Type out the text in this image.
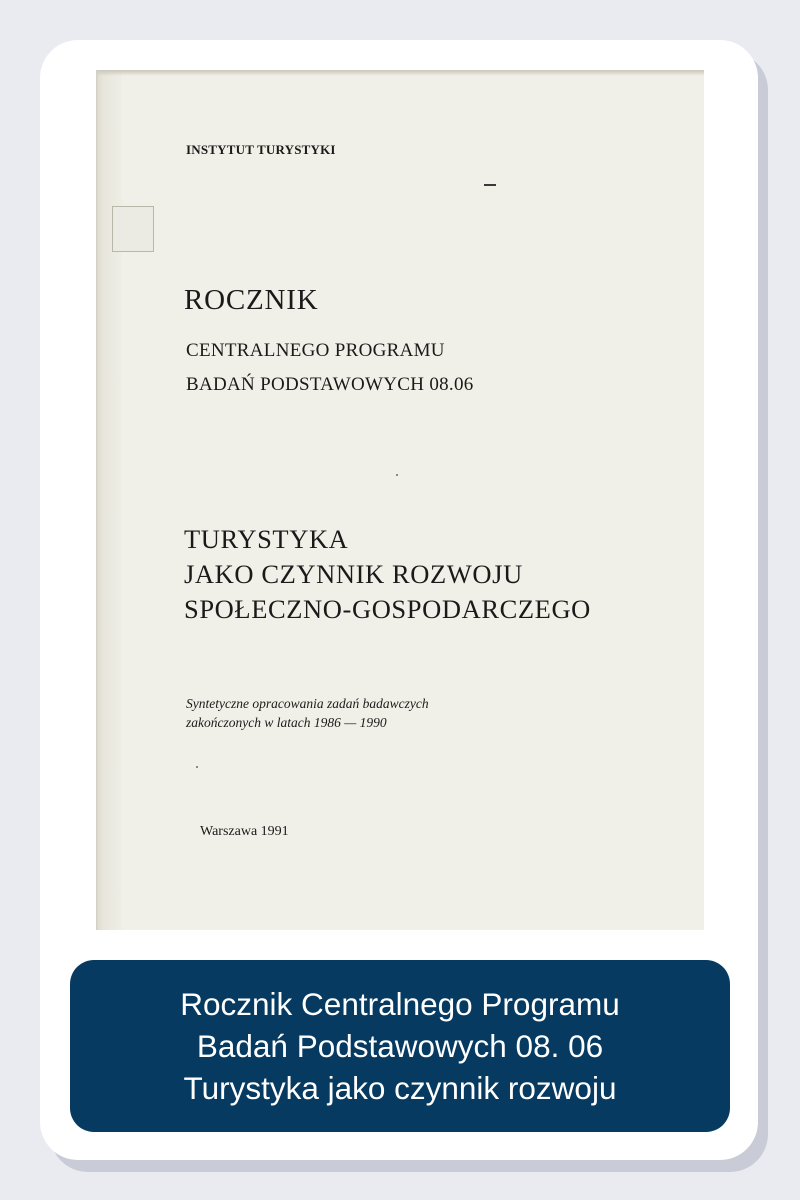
INSTYTUT TURYSTYKI
ROCZNIK
CENTRALNEGO PROGRAMU
BADAŃ PODSTAWOWYCH 08.06
TURYSTYKA
JAKO CZYNNIK ROZWOJU
SPOŁECZNO-GOSPODARCZEGO
Syntetyczne opracowania zadań badawczych
zakończonych w latach 1986 — 1990
Warszawa 1991
Rocznik Centralnego Programu
Badań Podstawowych 08. 06
Turystyka jako czynnik rozwoju
